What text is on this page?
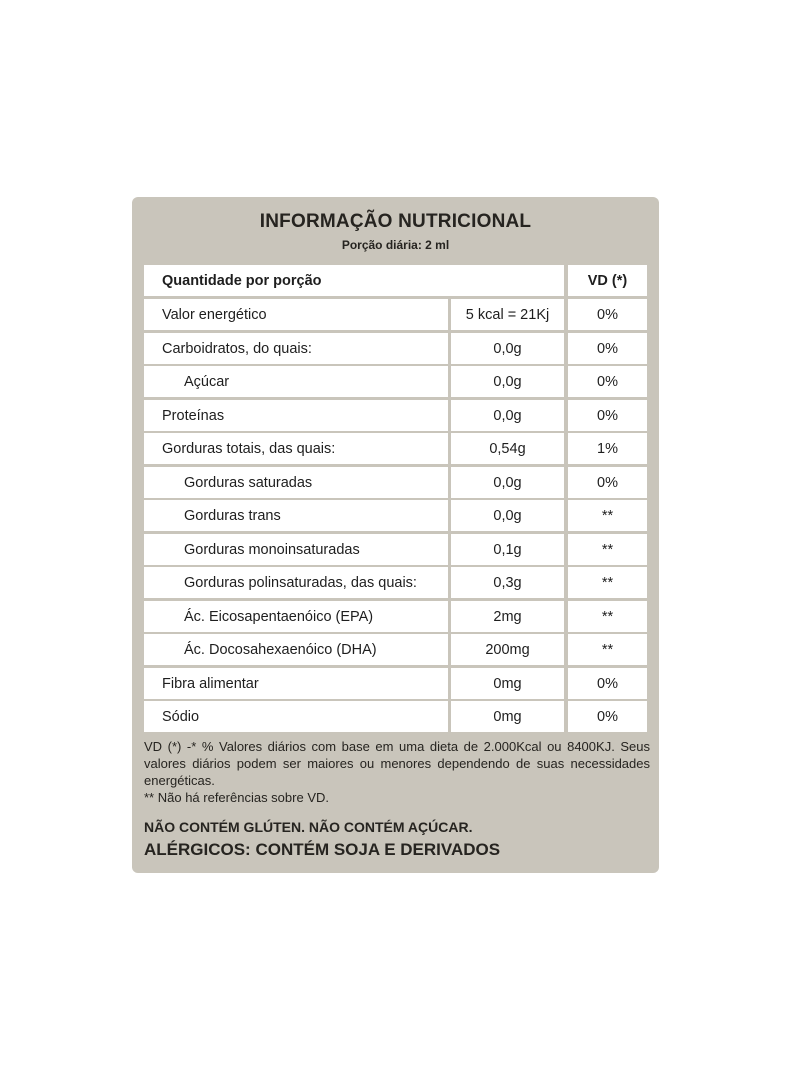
INFORMAÇÃO NUTRICIONAL
Porção diária: 2 ml
Quantidade por porção	VD (*)
Valor energético	5 kcal = 21Kj	0%
Carboidratos, do quais:	0,0g	0%
Açúcar	0,0g	0%
Proteínas	0,0g	0%
Gorduras totais, das quais:	0,54g	1%
Gorduras saturadas	0,0g	0%
Gorduras trans	0,0g	**
Gorduras monoinsaturadas	0,1g	**
Gorduras polinsaturadas, das quais:	0,3g	**
Ác. Eicosapentaenóico (EPA)	2mg	**
Ác. Docosahexaenóico (DHA)	200mg	**
Fibra alimentar	0mg	0%
Sódio	0mg	0%
VD (*) -* % Valores diários com base em uma dieta de 2.000Kcal ou 8400KJ. Seus valores diários podem ser maiores ou menores dependendo de suas necessidades energéticas.
** Não há referências sobre VD.
NÃO CONTÉM GLÚTEN. NÃO CONTÉM AÇÚCAR.
ALÉRGICOS: CONTÉM SOJA E DERIVADOS
